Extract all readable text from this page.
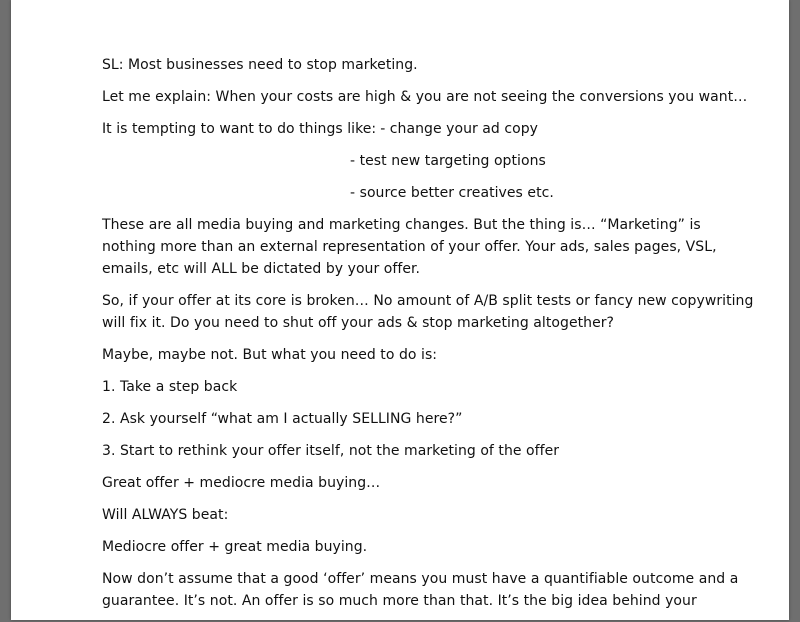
SL: Most businesses need to stop marketing.

Let me explain: When your costs are high & you are not seeing the conversions you want…

It is tempting to want to do things like: - change your ad copy

- test new targeting options

- source better creatives etc.

These are all media buying and marketing changes. But the thing is… “Marketing” is
nothing more than an external representation of your offer. Your ads, sales pages, VSL,
emails, etc will ALL be dictated by your offer.

So, if your offer at its core is broken… No amount of A/B split tests or fancy new copywriting
will fix it. Do you need to shut off your ads & stop marketing altogether?

Maybe, maybe not. But what you need to do is:

1. Take a step back

2. Ask yourself “what am I actually SELLING here?”

3. Start to rethink your offer itself, not the marketing of the offer

Great offer + mediocre media buying…

Will ALWAYS beat:

Mediocre offer + great media buying.

Now don’t assume that a good ‘offer’ means you must have a quantifiable outcome and a
guarantee. It’s not. An offer is so much more than that. It’s the big idea behind your
